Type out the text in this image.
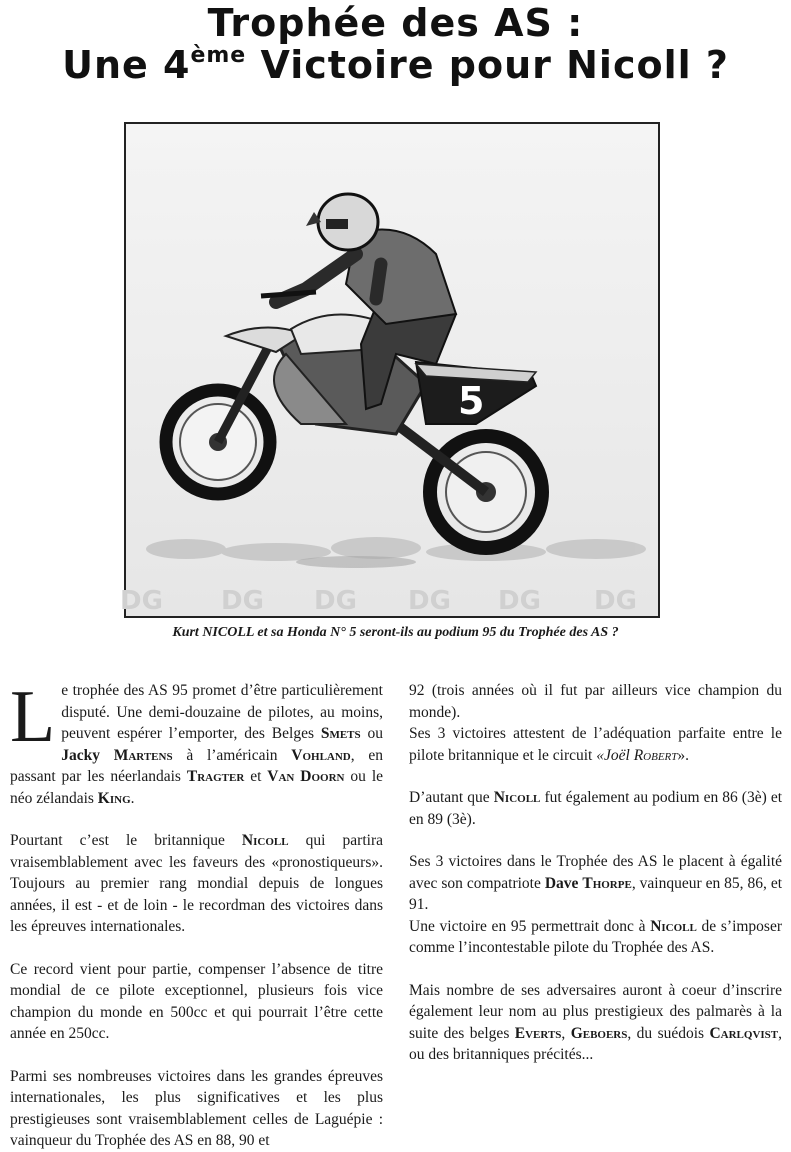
Trophée des AS :
Une 4ème Victoire pour Nicoll ?
5
DG DG DG DG DG DG
Kurt NICOLL et sa Honda N° 5 seront-ils au podium 95 du Trophée des AS ?

Le trophée des AS 95 promet d’être particulièrement disputé. Une demi-douzaine de pilotes, au moins, peuvent espérer l’emporter, des Belges Smets ou Jacky Martens à l’américain Vohland, en passant par les néerlandais Tragter et Van Doorn ou le néo zélandais King.

Pourtant c’est le britannique Nicoll qui partira vraisemblablement avec les faveurs des «pronostiqueurs». Toujours au premier rang mondial depuis de longues années, il est - et de loin - le recordman des victoires dans les épreuves internationales.

Ce record vient pour partie, compenser l’absence de titre mondial de ce pilote exceptionnel, plusieurs fois vice champion du monde en 500cc et qui pourrait l’être cette année en 250cc.

Parmi ses nombreuses victoires dans les grandes épreuves internationales, les plus significatives et les plus prestigieuses sont vraisemblablement celles de Laguépie : vainqueur du Trophée des AS en 88, 90 et

92 (trois années où il fut par ailleurs vice champion du monde).

Ses 3 victoires attestent de l’adéquation parfaite entre le pilote britannique et le circuit «Joël Robert».

D’autant que Nicoll fut également au podium en 86 (3è) et en 89 (3è).

Ses 3 victoires dans le Trophée des AS le placent à égalité avec son compatriote Dave Thorpe, vainqueur en 85, 86, et 91.

Une victoire en 95 permettrait donc à Nicoll de s’imposer comme l’incontestable pilote du Trophée des AS.

Mais nombre de ses adversaires auront à coeur d’inscrire également leur nom au plus prestigieux des palmarès à la suite des belges Everts, Geboers, du suédois Carlqvist, ou des britanniques précités...
